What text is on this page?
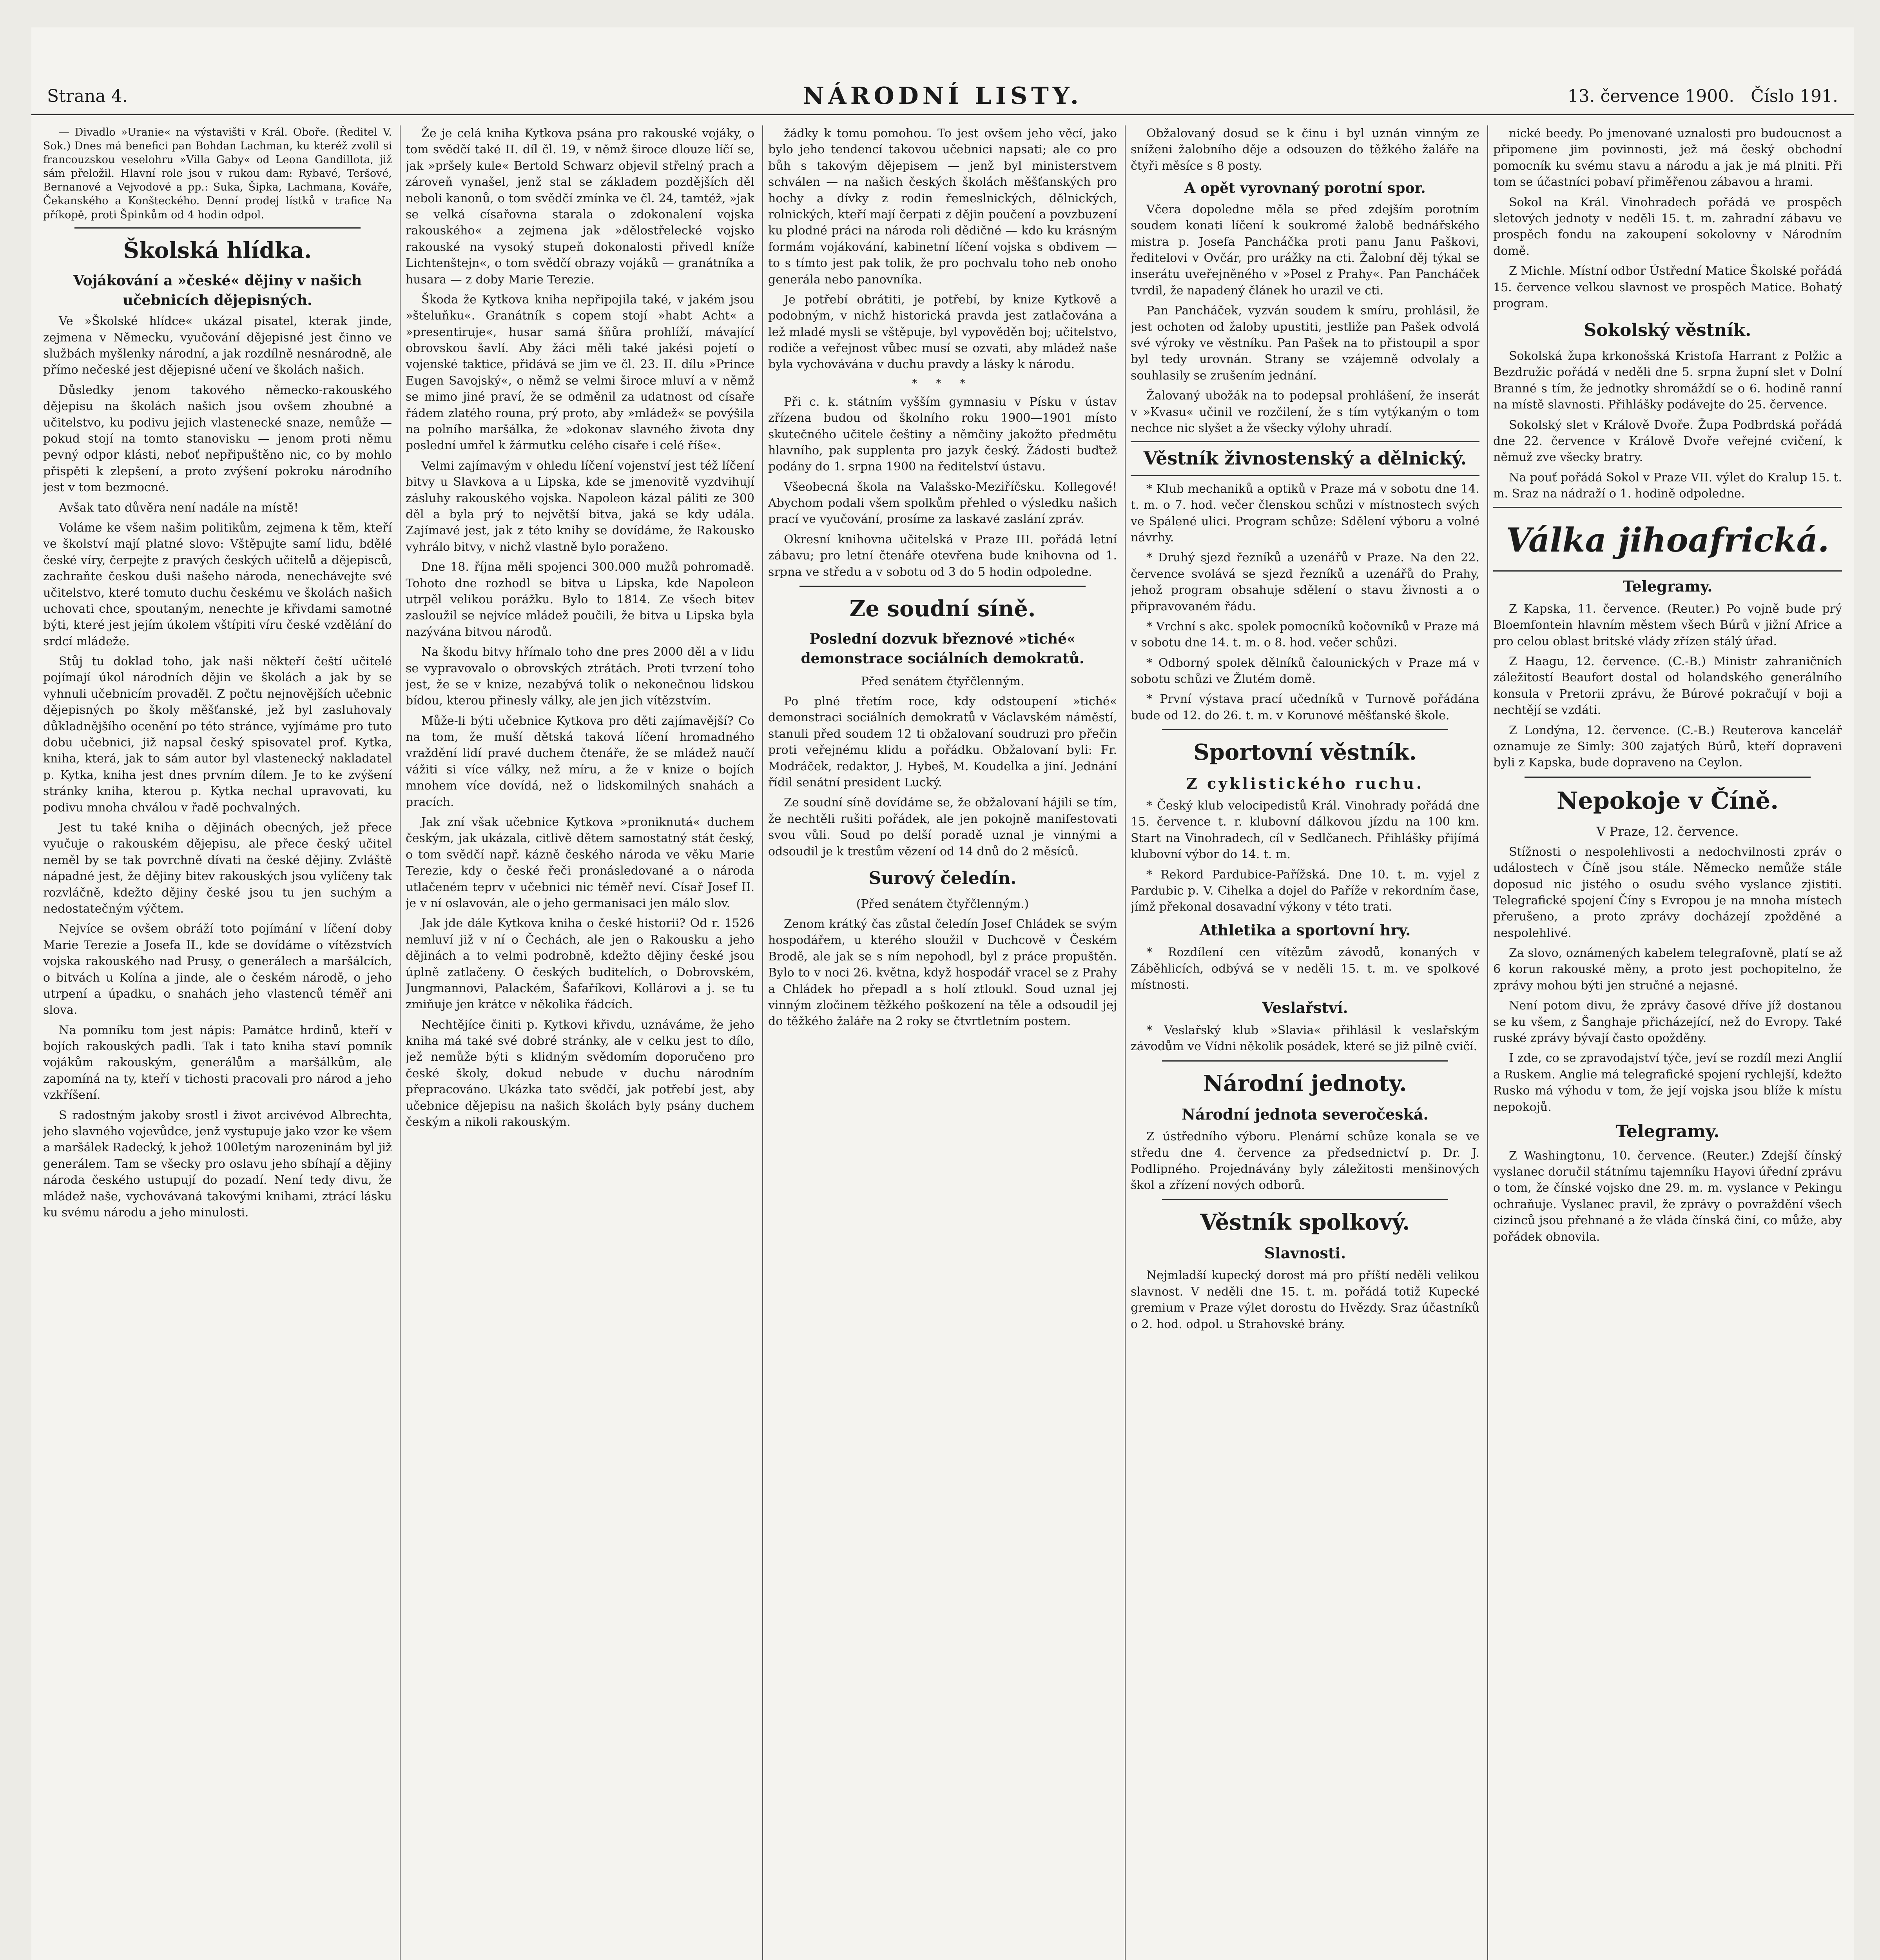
Strana 4.	NÁRODNÍ LISTY.	13. července 1900. Číslo 191.

— Divadlo »Uranie« na výstavišti v Král. Oboře. (Ředitel V. Sok.) Dnes má benefici pan Bohdan Lachman, ku kteréž zvolil si francouzskou veselohru »Villa Gaby« od Leona Gandillota, již sám přeložil. Hlavní role jsou v rukou dam: Rybavé, Teršové, Bernanové a Vejvodové a pp.: Suka, Šipka, Lachmana, Kováře, Čekanského a Konšteckého. Denní prodej lístků v trafice Na příkopě, proti Špinkům od 4 hodin odpol.

Školská hlídka.
Vojákování a »české« dějiny v našich učebnicích dějepisných.

Ve »Školské hlídce« ukázal pisatel, kterak jinde, zejmena v Německu, vyučování dějepisné jest činno ve službách myšlenky národní, a jak rozdílně nesnárodně, ale přímo nečeské jest dějepisné učení ve školách našich.

Důsledky jenom takového německo-rakouského dějepisu na školách našich jsou ovšem zhoubné a učitelstvo, ku podivu jejich vlastenecké snaze, nemůže — pokud stojí na tomto stanovisku — jenom proti němu pevný odpor klásti, neboť nepřipuštěno nic, co by mohlo přispěti k zlepšení, a proto zvýšení pokroku národního jest v tom bezmocné.

Avšak tato důvěra není nadále na místě!

Voláme ke všem našim politikům, zejmena k těm, kteří ve školství mají platné slovo: Vštěpujte samí lidu, bdělé české víry, čerpejte z pravých českých učitelů a dějepisců, zachraňte českou duši našeho národa, nenechávejte své učitelstvo, které tomuto duchu českému ve školách našich uchovati chce, spoutaným, nenechte je křivdami samotné býti, které jest jejím úkolem vštípiti víru české vzdělání do srdcí mládeže.

Stůj tu doklad toho, jak naši někteří čeští učitelé pojímají úkol národních dějin ve školách a jak by se vyhnuli učebnicím provaděl. Z počtu nejnovějších učebnic dějepisných po školy měšťanské, jež byl zasluhovaly důkladnějšího ocenění po této stránce, vyjímáme pro tuto dobu učebnici, již napsal český spisovatel prof. Kytka, kniha, která, jak to sám autor byl vlastenecký nakladatel p. Kytka, kniha jest dnes prvním dílem. Je to ke zvýšení stránky kniha, kterou p. Kytka nechal upravovati, ku podivu mnoha chválou v řadě pochvalných.

Jest tu také kniha o dějinách obecných, jež přece vyučuje o rakouském dějepisu, ale přece český učitel neměl by se tak povrchně dívati na české dějiny. Zvláště nápadné jest, že dějiny bitev rakouských jsou vylíčeny tak rozvláčně, kdežto dějiny české jsou tu jen suchým a nedostatečným výčtem.

Nejvíce se ovšem obráží toto pojímání v líčení doby Marie Terezie a Josefa II., kde se dovídáme o vítězstvích vojska rakouského nad Prusy, o generálech a maršálcích, o bitvách u Kolína a jinde, ale o českém národě, o jeho utrpení a úpadku, o snahách jeho vlastenců téměř ani slova.

Na pomníku tom jest nápis: Památce hrdinů, kteří v bojích rakouských padli. Tak i tato kniha staví pomník vojákům rakouským, generálům a maršálkům, ale zapomíná na ty, kteří v tichosti pracovali pro národ a jeho vzkříšení.

S radostným jakoby srostl i život arcivévod Albrechta, jeho slavného vojevůdce, jenž vystupuje jako vzor ke všem a maršálek Radecký, k jehož 100letým narozeninám byl již generálem. Tam se všecky pro oslavu jeho sbíhají a dějiny národa českého ustupují do pozadí. Není tedy divu, že mládež naše, vychovávaná takovými knihami, ztrácí lásku ku svému národu a jeho minulosti.

Že je celá kniha Kytkova psána pro rakouské vojáky, o tom svědčí také II. díl čl. 19, v němž široce dlouze líčí se, jak »pršely kule« Bertold Schwarz objevil střelný prach a zároveň vynašel, jenž stal se základem pozdějších děl neboli kanonů, o tom svědčí zmínka ve čl. 24, tamtéž, »jak se velká císařovna starala o zdokonalení vojska rakouského« a zejmena jak »dělostřelecké vojsko rakouské na vysoký stupeň dokonalosti přivedl kníže Lichtenštejn«, o tom svědčí obrazy vojáků — granátníka a husara — z doby Marie Terezie.

Škoda že Kytkova kniha nepřipojila také, v jakém jsou »šteluňku«. Granátník s copem stojí »habt Acht« a »presentiruje«, husar samá šňůra prohlíží, mávající obrovskou šavlí. Aby žáci měli také jakési pojetí o vojenské taktice, přidává se jim ve čl. 23. II. dílu »Prince Eugen Savojský«, o němž se velmi široce mluví a v němž se mimo jiné praví, že se odměnil za udatnost od císaře řádem zlatého rouna, prý proto, aby »mládež« se povýšila na polního maršálka, že »dokonav slavného života dny poslední umřel k žármutku celého císaře i celé říše«.

Velmi zajímavým v ohledu líčení vojenství jest též líčení bitvy u Slavkova a u Lipska, kde se jmenovitě vyzdvihují zásluhy rakouského vojska. Napoleon kázal páliti ze 300 děl a byla prý to největší bitva, jaká se kdy udála. Zajímavé jest, jak z této knihy se dovídáme, že Rakousko vyhrálo bitvy, v nichž vlastně bylo poraženo.

Dne 18. října měli spojenci 300.000 mužů pohromadě. Tohoto dne rozhodl se bitva u Lipska, kde Napoleon utrpěl velikou porážku. Bylo to 1814. Ze všech bitev zasloužil se nejvíce mládež poučili, že bitva u Lipska byla nazývána bitvou národů.

Na škodu bitvy hřímalo toho dne pres 2000 děl a v lidu se vypravovalo o obrovských ztrátách. Proti tvrzení toho jest, že se v knize, nezabývá tolik o nekonečnou lidskou bídou, kterou přinesly války, ale jen jich vítězstvím.

Může-li býti učebnice Kytkova pro děti zajímavější? Co na tom, že muší dětská taková líčení hromadného vraždění lidí pravé duchem čtenáře, že se mládež naučí vážiti si více války, než míru, a že v knize o bojích mnohem více dovídá, než o lidskomilných snahách a pracích.

Jak zní však učebnice Kytkova »proniknutá« duchem českým, jak ukázala, citlivě dětem samostatný stát český, o tom svědčí např. kázně českého národa ve věku Marie Terezie, kdy o české řeči pronásledované a o národa utlačeném teprv v učebnici nic téměř neví. Císař Josef II. je v ní oslavován, ale o jeho germanisaci jen málo slov.

Jak jde dále Kytkova kniha o české historii? Od r. 1526 nemluví již v ní o Čechách, ale jen o Rakousku a jeho dějinách a to velmi podrobně, kdežto dějiny české jsou úplně zatlačeny. O českých buditelích, o Dobrovském, Jungmannovi, Palackém, Šafaříkovi, Kollárovi a j. se tu zmiňuje jen krátce v několika řádcích.

Nechtějíce činiti p. Kytkovi křivdu, uznáváme, že jeho kniha má také své dobré stránky, ale v celku jest to dílo, jež nemůže býti s klidným svědomím doporučeno pro české školy, dokud nebude v duchu národním přepracováno. Ukázka tato svědčí, jak potřebí jest, aby učebnice dějepisu na našich školách byly psány duchem českým a nikoli rakouským.

žádky k tomu pomohou. To jest ovšem jeho věcí, jako bylo jeho tendencí takovou učebnici napsati; ale co pro bůh s takovým dějepisem — jenž byl ministerstvem schválen — na našich českých školách měšťanských pro hochy a dívky z rodin řemeslnických, dělnických, rolnických, kteří mají čerpati z dějin poučení a povzbuzení ku plodné práci na národa roli dědičné — kdo ku krásným formám vojákování, kabinetní líčení vojska s obdivem — to s tímto jest pak tolik, že pro pochvalu toho neb onoho generála nebo panovníka.

Je potřebí obrátiti, je potřebí, by knize Kytkově a podobným, v nichž historická pravda jest zatlačována a lež mladé mysli se vštěpuje, byl vypověděn boj; učitelstvo, rodiče a veřejnost vůbec musí se ozvati, aby mládež naše byla vychovávána v duchu pravdy a lásky k národu.

* * *

Při c. k. státním vyšším gymnasiu v Písku v ústav zřízena budou od školního roku 1900—1901 místo skutečného učitele češtiny a němčiny jakožto předmětu hlavního, pak supplenta pro jazyk český. Žádosti buďtež podány do 1. srpna 1900 na ředitelství ústavu.

Všeobecná škola na Valašsko-Meziříčsku. Kollegové! Abychom podali všem spolkům přehled o výsledku našich prací ve vyučování, prosíme za laskavé zaslání zpráv.

Okresní knihovna učitelská v Praze III. pořádá letní zábavu; pro letní čtenáře otevřena bude knihovna od 1. srpna ve středu a v sobotu od 3 do 5 hodin odpoledne.

Ze soudní síně.
Poslední dozvuk březnové »tiché« demonstrace sociálních demokratů.
Před senátem čtyřčlenným.

Po plné třetím roce, kdy odstoupení »tiché« demonstraci sociálních demokratů v Václavském náměstí, stanuli před soudem 12 ti obžalovaní soudruzi pro přečin proti veřejnému klidu a pořádku. Obžalovaní byli: Fr. Modráček, redaktor, J. Hybeš, M. Koudelka a jiní. Jednání řídil senátní president Lucký.

Ze soudní síně dovídáme se, že obžalovaní hájili se tím, že nechtěli rušiti pořádek, ale jen pokojně manifestovati svou vůli. Soud po delší poradě uznal je vinnými a odsoudil je k trestům vězení od 14 dnů do 2 měsíců.

Surový čeledín.
(Před senátem čtyřčlenným.)

Zenom krátký čas zůstal čeledín Josef Chládek se svým hospodářem, u kterého sloužil v Duchcově v Českém Brodě, ale jak se s ním nepohodl, byl z práce propuštěn. Bylo to v noci 26. května, když hospodář vracel se z Prahy a Chládek ho přepadl a s holí ztloukl. Soud uznal jej vinným zločinem těžkého poškození na těle a odsoudil jej do těžkého žaláře na 2 roky se čtvrtletním postem.

Obžalovaný dosud se k činu i byl uznán vinným ze sníženi žalobního děje a odsouzen do těžkého žaláře na čtyři měsíce s 8 posty.

A opět vyrovnaný porotní spor.

Včera dopoledne měla se před zdejším porotním soudem konati líčení k soukromé žalobě bednářského mistra p. Josefa Pancháčka proti panu Janu Paškovi, ředitelovi v Ovčár, pro urážky na cti. Žalobní děj týkal se inserátu uveřejněného v »Posel z Prahy«. Pan Pancháček tvrdil, že napadený článek ho urazil ve cti.

Pan Pancháček, vyzván soudem k smíru, prohlásil, že jest ochoten od žaloby upustiti, jestliže pan Pašek odvolá své výroky ve věstníku. Pan Pašek na to přistoupil a spor byl tedy urovnán. Strany se vzájemně odvolaly a souhlasily se zrušením jednání.

Žalovaný ubožák na to podepsal prohlášení, že inserát v »Kvasu« učinil ve rozčilení, že s tím vytýkaným o tom nechce nic slyšet a že všecky výlohy uhradí.

Věstník živnostenský a dělnický.

* Klub mechaniků a optiků v Praze má v sobotu dne 14. t. m. o 7. hod. večer členskou schůzi v místnostech svých ve Spálené ulici. Program schůze: Sdělení výboru a volné návrhy.

* Druhý sjezd řezníků a uzenářů v Praze. Na den 22. července svolává se sjezd řezníků a uzenářů do Prahy, jehož program obsahuje sdělení o stavu živnosti a o připravovaném řádu.

* Vrchní s akc. spolek pomocníků kočovníků v Praze má v sobotu dne 14. t. m. o 8. hod. večer schůzi.

* Odborný spolek dělníků čalounických v Praze má v sobotu schůzi ve Žlutém domě.

* První výstava prací učedníků v Turnově pořádána bude od 12. do 26. t. m. v Korunové měšťanské škole.

Sportovní věstník.
Z cyklistického ruchu.

* Český klub velocipedistů Král. Vinohrady pořádá dne 15. července t. r. klubovní dálkovou jízdu na 100 km. Start na Vinohradech, cíl v Sedlčanech. Přihlášky přijímá klubovní výbor do 14. t. m.

* Rekord Pardubice-Pařížská. Dne 10. t. m. vyjel z Pardubic p. V. Cihelka a dojel do Paříže v rekordním čase, jímž překonal dosavadní výkony v této trati.

Athletika a sportovní hry.

* Rozdílení cen vítězům závodů, konaných v Záběhlicích, odbývá se v neděli 15. t. m. ve spolkové místnosti.

Veslařství.

* Veslařský klub »Slavia« přihlásil k veslařským závodům ve Vídni několik posádek, které se již pilně cvičí.

Národní jednoty.
Národní jednota severočeská.

Z ústředního výboru. Plenární schůze konala se ve středu dne 4. července za předsednictví p. Dr. J. Podlipného. Projednávány byly záležitosti menšinových škol a zřízení nových odborů.

Věstník spolkový.
Slavnosti.

Nejmladší kupecký dorost má pro příští neděli velikou slavnost. V neděli dne 15. t. m. pořádá totiž Kupecké gremium v Praze výlet dorostu do Hvězdy. Sraz účastníků o 2. hod. odpol. u Strahovské brány.

nické beedy. Po jmenované uznalosti pro budoucnost a připomene jim povinnosti, jež má český obchodní pomocník ku svému stavu a národu a jak je má plniti. Při tom se účastníci pobaví přiměřenou zábavou a hrami.

Sokol na Král. Vinohradech pořádá ve prospěch sletových jednoty v neděli 15. t. m. zahradní zábavu ve prospěch fondu na zakoupení sokolovny v Národním domě.

Z Michle. Místní odbor Ústřední Matice Školské pořádá 15. července velkou slavnost ve prospěch Matice. Bohatý program.

Sokolský věstník.

Sokolská župa krkonošská Kristofa Harrant z Polžic a Bezdružic pořádá v neděli dne 5. srpna župní slet v Dolní Branné s tím, že jednotky shromáždí se o 6. hodině ranní na místě slavnosti. Přihlášky podávejte do 25. července.

Sokolský slet v Králově Dvoře. Župa Podbrdská pořádá dne 22. července v Králově Dvoře veřejné cvičení, k němuž zve všecky bratry.

Na pouť pořádá Sokol v Praze VII. výlet do Kralup 15. t. m. Sraz na nádraží o 1. hodině odpoledne.

Válka jihoafrická.
Telegramy.

Z Kapska, 11. července. (Reuter.) Po vojně bude prý Bloemfontein hlavním městem všech Búrů v jižní Africe a pro celou oblast britské vlády zřízen stálý úřad.

Z Haagu, 12. července. (C.-B.) Ministr zahraničních záležitostí Beaufort dostal od holandského generálního konsula v Pretorii zprávu, že Búrové pokračují v boji a nechtějí se vzdáti.

Z Londýna, 12. července. (C.-B.) Reuterova kancelář oznamuje ze Simly: 300 zajatých Búrů, kteří dopraveni byli z Kapska, bude dopraveno na Ceylon.

Nepokoje v Číně.
V Praze, 12. července.

Stížnosti o nespolehlivosti a nedochvilnosti zpráv o událostech v Číně jsou stále. Německo nemůže stále doposud nic jistého o osudu svého vyslance zjistiti. Telegrafické spojení Číny s Evropou je na mnoha místech přerušeno, a proto zprávy docházejí zpožděné a nespolehlivé.

Za slovo, oznámených kabelem telegrafovně, platí se až 6 korun rakouské měny, a proto jest pochopitelno, že zprávy mohou býti jen stručné a nejasné.

Není potom divu, že zprávy časové dříve jíž dostanou se ku všem, z Šanghaje přicházející, než do Evropy. Také ruské zprávy bývají často opožděny.

I zde, co se zpravodajství týče, jeví se rozdíl mezi Anglií a Ruskem. Anglie má telegrafické spojení rychlejší, kdežto Rusko má výhodu v tom, že její vojska jsou blíže k místu nepokojů.

Telegramy.

Z Washingtonu, 10. července. (Reuter.) Zdejší čínský vyslanec doručil státnímu tajemníku Hayovi úřední zprávu o tom, že čínské vojsko dne 29. m. m. vyslance v Pekingu ochraňuje. Vyslanec pravil, že zprávy o povraždění všech cizinců jsou přehnané a že vláda čínská činí, co může, aby pořádek obnovila.
